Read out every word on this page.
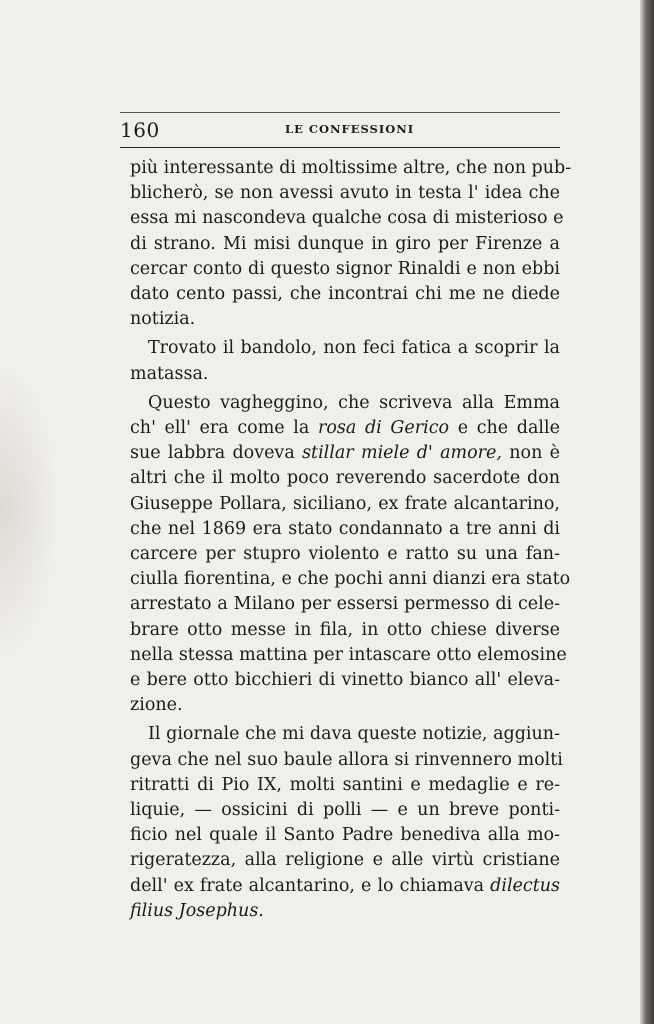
160	LE CONFESSIONI
più interessante di moltissime altre, che non pub-
blicherò, se non avessi avuto in testa l' idea che
essa mi nascondeva qualche cosa di misterioso e
di strano. Mi misi dunque in giro per Firenze a
cercar conto di questo signor Rinaldi e non ebbi
dato cento passi, che incontrai chi me ne diede
notizia.
Trovato il bandolo, non feci fatica a scoprir la
matassa.
Questo vagheggino, che scriveva alla Emma
ch' ell' era come la rosa di Gerico e che dalle
sue labbra doveva stillar miele d' amore, non è
altri che il molto poco reverendo sacerdote don
Giuseppe Pollara, siciliano, ex frate alcantarino,
che nel 1869 era stato condannato a tre anni di
carcere per stupro violento e ratto su una fan-
ciulla fiorentina, e che pochi anni dianzi era stato
arrestato a Milano per essersi permesso di cele-
brare otto messe in fila, in otto chiese diverse
nella stessa mattina per intascare otto elemosine
e bere otto bicchieri di vinetto bianco all' eleva-
zione.
Il giornale che mi dava queste notizie, aggiun-
geva che nel suo baule allora si rinvennero molti
ritratti di Pio IX, molti santini e medaglie e re-
liquie, — ossicini di polli — e un breve ponti-
ficio nel quale il Santo Padre benediva alla mo-
rigeratezza, alla religione e alle virtù cristiane
dell' ex frate alcantarino, e lo chiamava dilectus
filius Josephus.
